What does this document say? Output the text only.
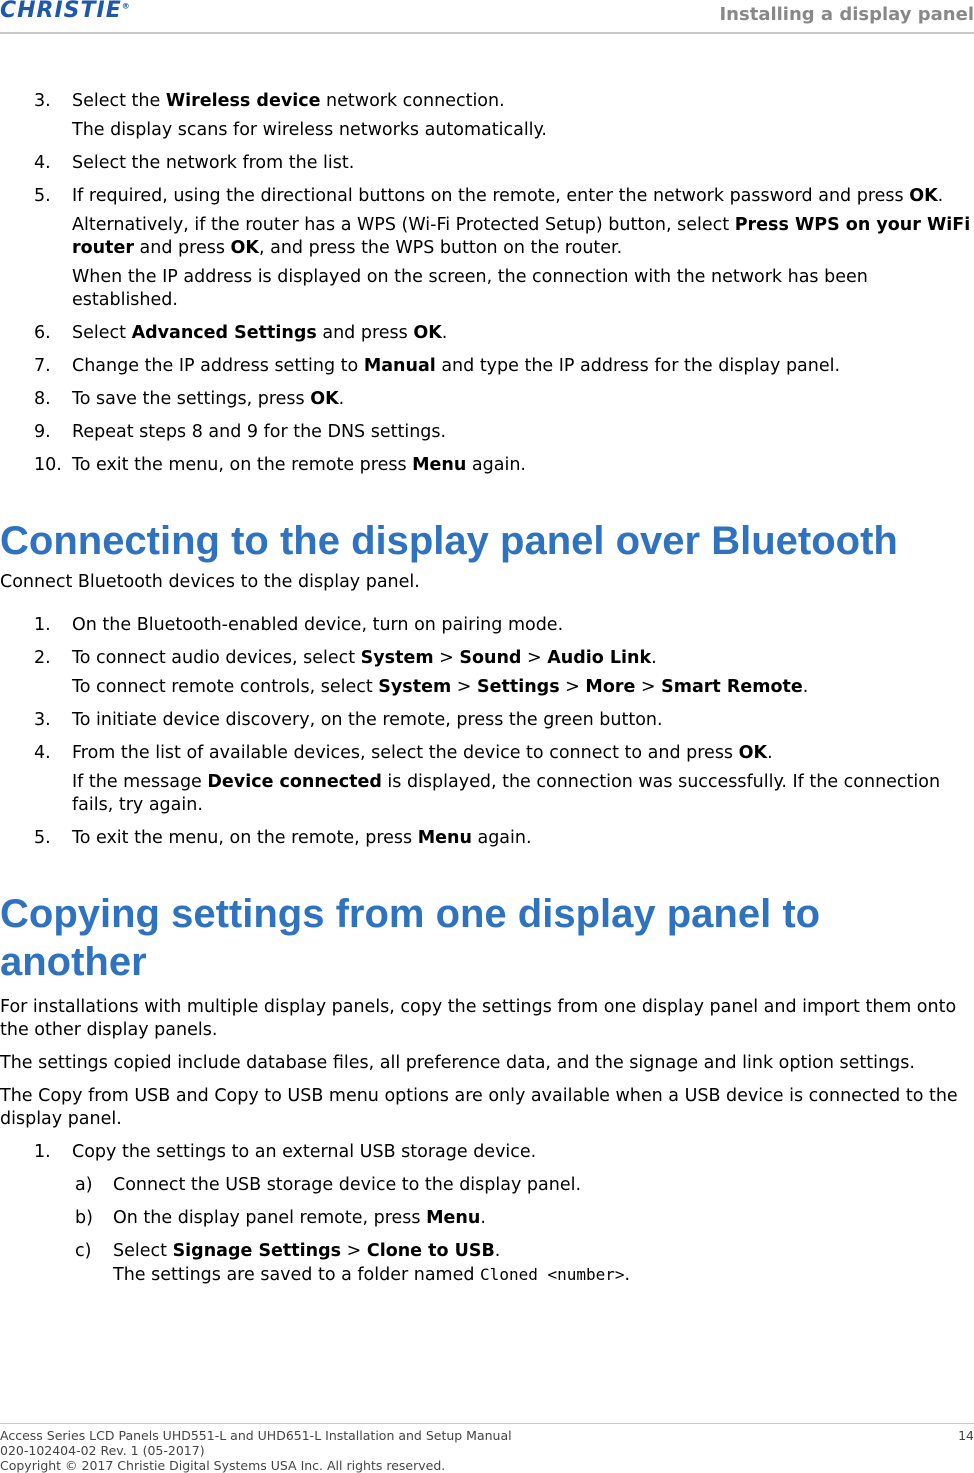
CHRISTIE®	Installing a display panel
3. Select the Wireless device network connection.
The display scans for wireless networks automatically.
4. Select the network from the list.
5. If required, using the directional buttons on the remote, enter the network password and press OK.
Alternatively, if the router has a WPS (Wi-Fi Protected Setup) button, select Press WPS on your WiFi router and press OK, and press the WPS button on the router.
When the IP address is displayed on the screen, the connection with the network has been established.
6. Select Advanced Settings and press OK.
7. Change the IP address setting to Manual and type the IP address for the display panel.
8. To save the settings, press OK.
9. Repeat steps 8 and 9 for the DNS settings.
10. To exit the menu, on the remote press Menu again.
Connecting to the display panel over Bluetooth

Connect Bluetooth devices to the display panel.

1. On the Bluetooth-enabled device, turn on pairing mode.
2. To connect audio devices, select System > Sound > Audio Link.
To connect remote controls, select System > Settings > More > Smart Remote.
3. To initiate device discovery, on the remote, press the green button.
4. From the list of available devices, select the device to connect to and press OK.
If the message Device connected is displayed, the connection was successfully. If the connection fails, try again.
5. To exit the menu, on the remote, press Menu again.
Copying settings from one display panel to another

For installations with multiple display panels, copy the settings from one display panel and import them onto the other display panels.

The settings copied include database files, all preference data, and the signage and link option settings.

The Copy from USB and Copy to USB menu options are only available when a USB device is connected to the display panel.

1. Copy the settings to an external USB storage device.
a) Connect the USB storage device to the display panel.
b) On the display panel remote, press Menu.
c) Select Signage Settings > Clone to USB.
The settings are saved to a folder named Cloned <number>.
Access Series LCD Panels UHD551-L and UHD651-L Installation and Setup Manual
020-102404-02 Rev. 1 (05-2017)
Copyright © 2017 Christie Digital Systems USA Inc. All rights reserved.
14
